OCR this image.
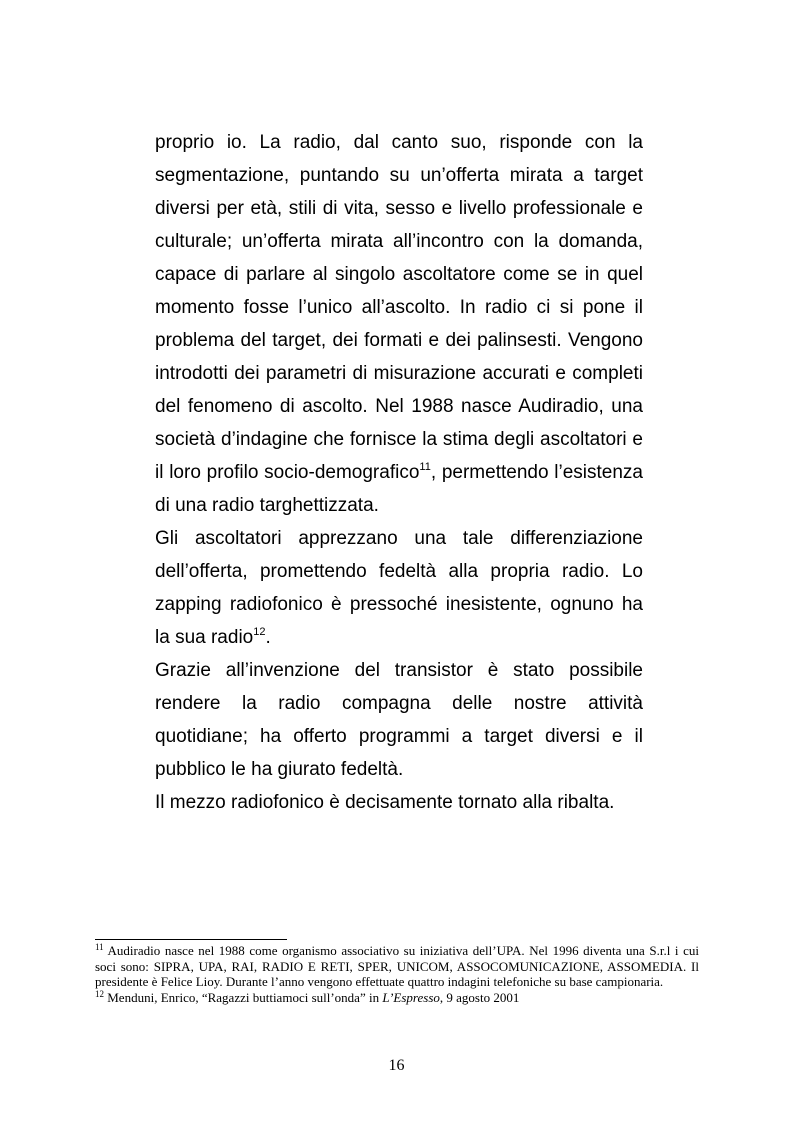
proprio io. La radio, dal canto suo, risponde con la segmentazione, puntando su un’offerta mirata a target diversi per età, stili di vita, sesso e livello professionale e culturale; un’offerta mirata all’incontro con la domanda, capace di parlare al singolo ascoltatore come se in quel momento fosse l’unico all’ascolto. In radio ci si pone il problema del target, dei formati e dei palinsesti. Vengono introdotti dei parametri di misurazione accurati e completi del fenomeno di ascolto. Nel 1988 nasce Audiradio, una società d’indagine che fornisce la stima degli ascoltatori e il loro profilo socio-demografico$^{11}$, permettendo l’esistenza di una radio targhettizzata.

Gli ascoltatori apprezzano una tale differenziazione dell’offerta, promettendo fedeltà alla propria radio. Lo zapping radiofonico è pressoché inesistente, ognuno ha la sua radio$^{12}$.

Grazie all’invenzione del transistor è stato possibile rendere la radio compagna delle nostre attività quotidiane; ha offerto programmi a target diversi e il pubblico le ha giurato fedeltà.

Il mezzo radiofonico è decisamente tornato alla ribalta.

$^{11}$ Audiradio nasce nel 1988 come organismo associativo su iniziativa dell’UPA. Nel 1996 diventa una S.r.l i cui soci sono: SIPRA, UPA, RAI, RADIO E RETI, SPER, UNICOM, ASSOCOMUNICAZIONE, ASSOMEDIA. Il presidente è Felice Lioy. Durante l’anno vengono effettuate quattro indagini telefoniche su base campionaria.

$^{12}$ Menduni, Enrico, “Ragazzi buttiamoci sull’onda” in L’Espresso, 9 agosto 2001

16
